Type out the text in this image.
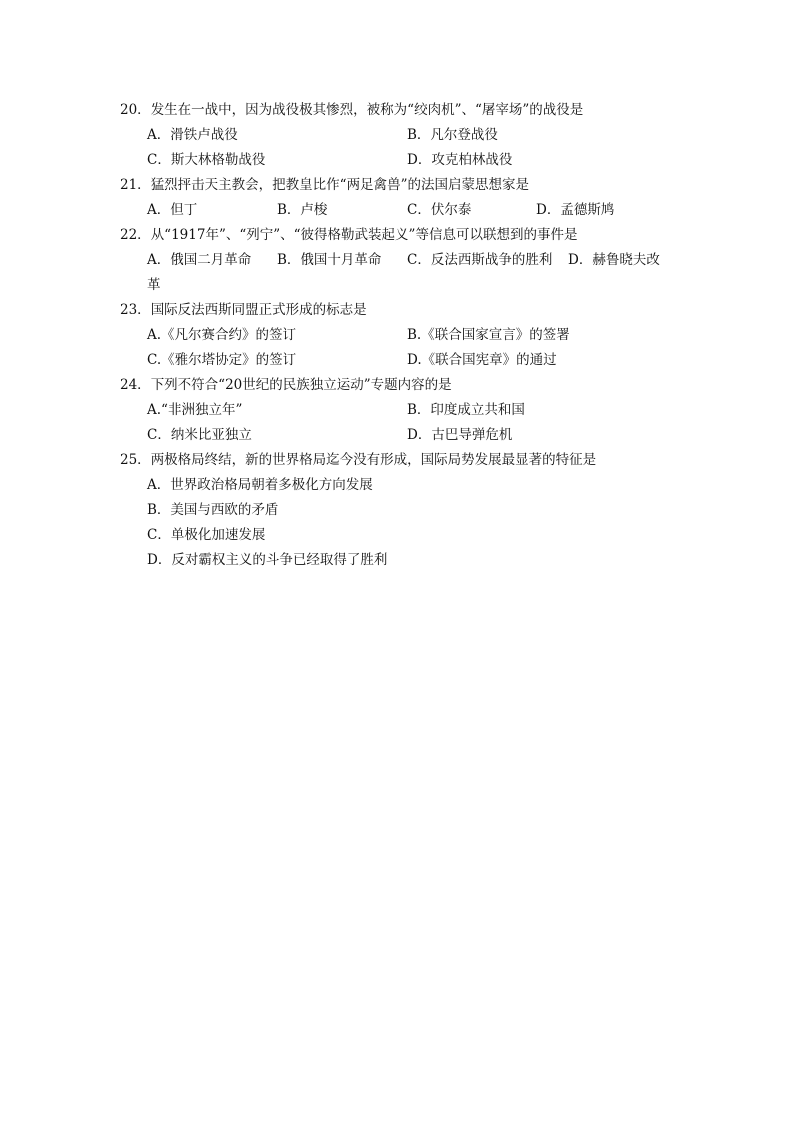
20．发生在一战中，因为战役极其惨烈，被称为“绞肉机”、“屠宰场”的战役是
A．滑铁卢战役	B．凡尔登战役
C．斯大林格勒战役	D．攻克柏林战役
21．猛烈抨击天主教会，把教皇比作“两足禽兽”的法国启蒙思想家是
A．但丁	B．卢梭	C．伏尔泰	D．孟德斯鸠
22．从“1917年”、“列宁”、“彼得格勒武装起义”等信息可以联想到的事件是
A．俄国二月革命 B．俄国十月革命 C．反法西斯战争的胜利 D．赫鲁晓夫改
革
23．国际反法西斯同盟正式形成的标志是
A.《凡尔赛合约》的签订	B.《联合国家宣言》的签署
C.《雅尔塔协定》的签订	D.《联合国宪章》的通过
24．下列不符合“20世纪的民族独立运动”专题内容的是
A.“非洲独立年”	B．印度成立共和国
C．纳米比亚独立	D．古巴导弹危机
25．两极格局终结，新的世界格局迄今没有形成，国际局势发展最显著的特征是
A．世界政治格局朝着多极化方向发展
B．美国与西欧的矛盾
C．单极化加速发展
D．反对霸权主义的斗争已经取得了胜利
